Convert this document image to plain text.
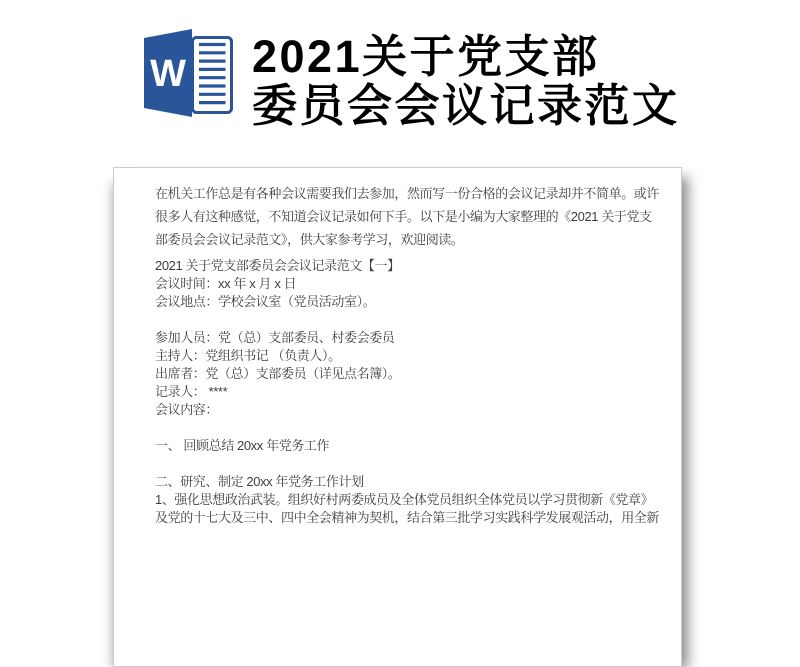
W 2021关于党支部
委员会会议记录范文
在机关工作总是有各种会议需要我们去参加，然而写一份合格的会议记录却并不简单。或许
很多人有这种感觉，不知道会议记录如何下手。以下是小编为大家整理的《2021 关于党支
部委员会会议记录范文》，供大家参考学习，欢迎阅读。
2021 关于党支部委员会会议记录范文【一】
会议时间：xx 年 x 月 x 日
会议地点：学校会议室（党员活动室）。

参加人员：党（总）支部委员、村委会委员
主持人：党组织书记 （负责人）。
出席者：党（总）支部委员（详见点名簿）。
记录人： ****
会议内容：

一、 回顾总结 20xx 年党务工作

二、研究、制定 20xx 年党务工作计划
1、强化思想政治武装。组织好村两委成员及全体党员组织全体党员以学习贯彻新《党章》
及党的十七大及三中、四中全会精神为契机，结合第三批学习实践科学发展观活动，用全新
